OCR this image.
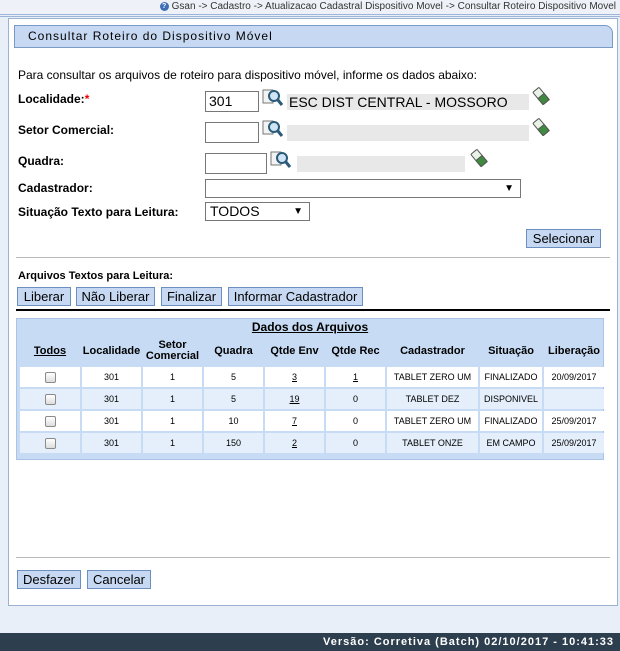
? Gsan -> Cadastro -> Atualizacao Cadastral Dispositivo Movel -> Consultar Roteiro Dispositivo Movel
Consultar Roteiro do Dispositivo Móvel
Para consultar os arquivos de roteiro para dispositivo móvel, informe os dados abaixo:
Localidade:*	301	ESC DIST CENTRAL - MOSSORO
Setor Comercial:
Quadra:
Cadastrador:	▼
Situação Texto para Leitura:	TODOS	▼
Selecionar
Arquivos Textos para Leitura:
Liberar	Não Liberar	Finalizar	Informar Cadastrador
Dados dos Arquivos
Todos	Localidade	Setor Comercial	Quadra	Qtde Env	Qtde Rec	Cadastrador	Situação	Liberação
	301	1	5	3	1	TABLET ZERO UM	FINALIZADO	20/09/2017
	301	1	5	19	0	TABLET DEZ	DISPONIVEL	
	301	1	10	7	0	TABLET ZERO UM	FINALIZADO	25/09/2017
	301	1	150	2	0	TABLET ONZE	EM CAMPO	25/09/2017
Desfazer	Cancelar
Versão: Corretiva (Batch) 02/10/2017 - 10:41:33
